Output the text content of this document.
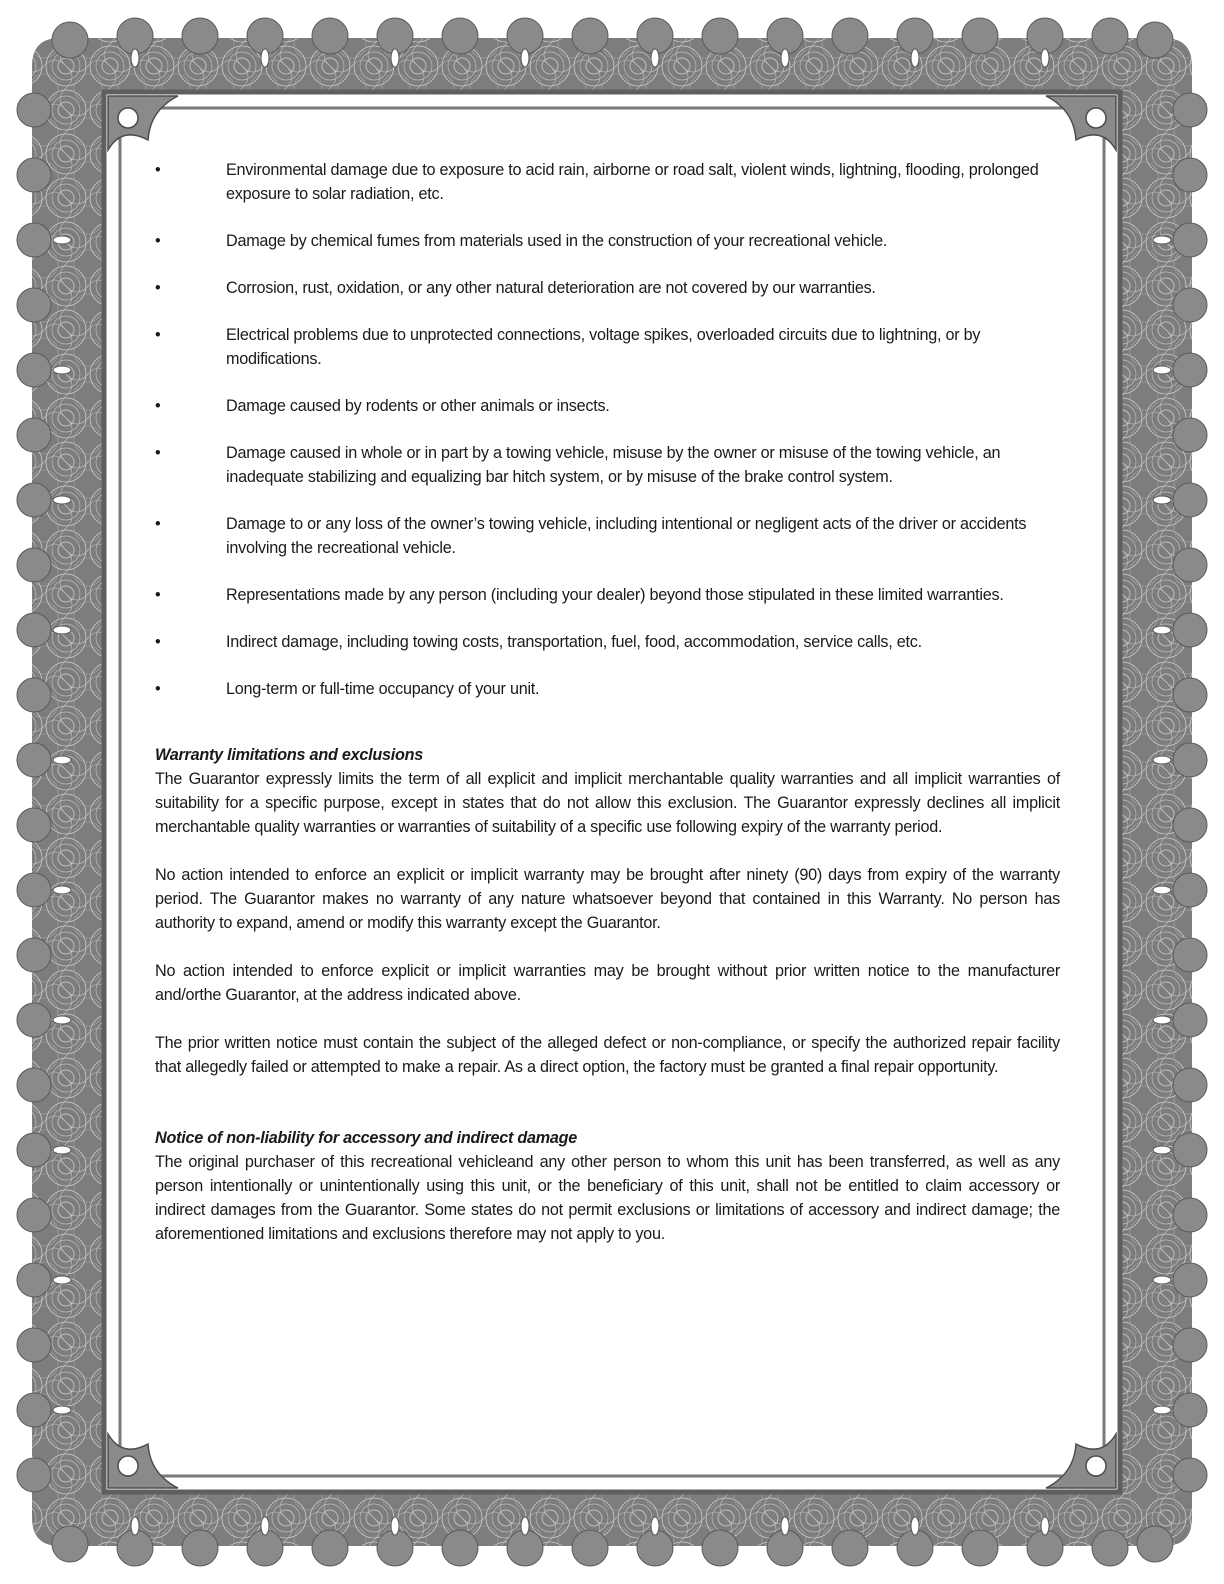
•	Environmental damage due to exposure to acid rain, airborne or road salt, violent winds, lightning, flooding, prolonged exposure to solar radiation, etc.
•	Damage by chemical fumes from materials used in the construction of your recreational vehicle.
•	Corrosion, rust, oxidation, or any other natural deterioration are not covered by our warranties.
•	Electrical problems due to unprotected connections, voltage spikes, overloaded circuits due to lightning, or by modifications.
•	Damage caused by rodents or other animals or insects.
•	Damage caused in whole or in part by a towing vehicle, misuse by the owner or misuse of the towing vehicle, an inadequate stabilizing and equalizing bar hitch system, or by misuse of the brake control system.
•	Damage to or any loss of the owner’s towing vehicle, including intentional or negligent acts of the driver or accidents involving the recreational vehicle.
•	Representations made by any person (including your dealer) beyond those stipulated in these limited warranties.
•	Indirect damage, including towing costs, transportation, fuel, food, accommodation, service calls, etc.
•	Long-term or full-time occupancy of your unit.
Warranty limitations and exclusions

The Guarantor expressly limits the term of all explicit and implicit merchantable quality warranties and all implicit warranties of suitability for a specific purpose, except in states that do not allow this exclusion. The Guarantor expressly declines all implicit merchantable quality warranties or warranties of suitability of a specific use following expiry of the warranty period.

No action intended to enforce an explicit or implicit warranty may be brought after ninety (90) days from expiry of the warranty period. The Guarantor makes no warranty of any nature whatsoever beyond that contained in this Warranty. No person has authority to expand, amend or modify this warranty except the Guarantor.

No action intended to enforce explicit or implicit warranties may be brought without prior written notice to the manufacturer and/orthe Guarantor, at the address indicated above.

The prior written notice must contain the subject of the alleged defect or non-compliance, or specify the authorized repair facility that allegedly failed or attempted to make a repair. As a direct option, the factory must be granted a final repair opportunity.

Notice of non-liability for accessory and indirect damage

The original purchaser of this recreational vehicleand any other person to whom this unit has been transferred, as well as any person intentionally or unintentionally using this unit, or the beneficiary of this unit, shall not be entitled to claim accessory or indirect damages from the Guarantor. Some states do not permit exclusions or limitations of accessory and indirect damage; the aforementioned limitations and exclusions therefore may not apply to you.
